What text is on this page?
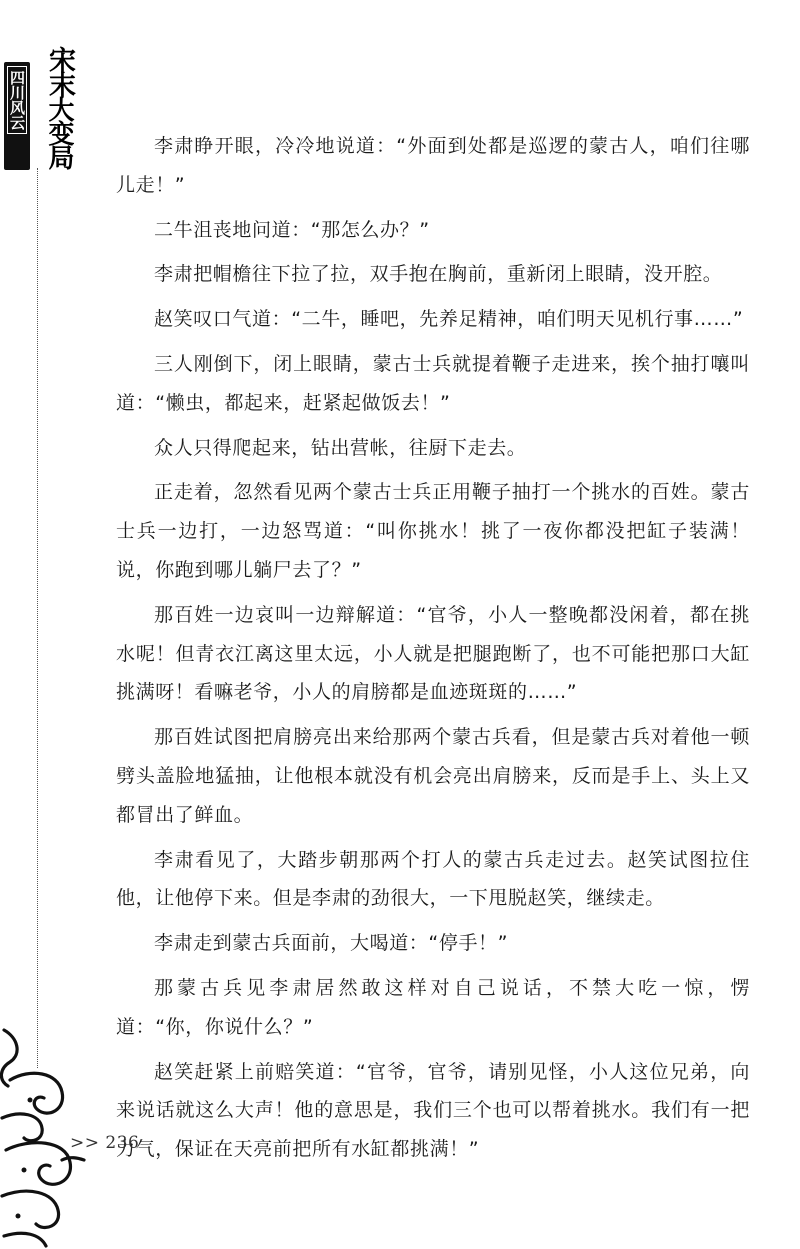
四川风云 宋末大变局	李肃睁开眼，冷冷地说道：“外面到处都是巡逻的蒙古人，咱们往哪儿走！”

二牛沮丧地问道：“那怎么办？”

李肃把帽檐往下拉了拉，双手抱在胸前，重新闭上眼睛，没开腔。

赵笑叹口气道：“二牛，睡吧，先养足精神，咱们明天见机行事……”

三人刚倒下，闭上眼睛，蒙古士兵就提着鞭子走进来，挨个抽打嚷叫道：“懒虫，都起来，赶紧起做饭去！”

众人只得爬起来，钻出营帐，往厨下走去。

正走着，忽然看见两个蒙古士兵正用鞭子抽打一个挑水的百姓。蒙古士兵一边打，一边怒骂道：“叫你挑水！挑了一夜你都没把缸子装满！说，你跑到哪儿躺尸去了？”

那百姓一边哀叫一边辩解道：“官爷，小人一整晚都没闲着，都在挑水呢！但青衣江离这里太远，小人就是把腿跑断了，也不可能把那口大缸挑满呀！看嘛老爷，小人的肩膀都是血迹斑斑的……”

那百姓试图把肩膀亮出来给那两个蒙古兵看，但是蒙古兵对着他一顿劈头盖脸地猛抽，让他根本就没有机会亮出肩膀来，反而是手上、头上又都冒出了鲜血。

李肃看见了，大踏步朝那两个打人的蒙古兵走过去。赵笑试图拉住他，让他停下来。但是李肃的劲很大，一下甩脱赵笑，继续走。

李肃走到蒙古兵面前，大喝道：“停手！”

那蒙古兵见李肃居然敢这样对自己说话，不禁大吃一惊，愣道：“你，你说什么？”

赵笑赶紧上前赔笑道：“官爷，官爷，请别见怪，小人这位兄弟，向来说话就这么大声！他的意思是，我们三个也可以帮着挑水。我们有一把力气，保证在天亮前把所有水缸都挑满！”

>> 236
